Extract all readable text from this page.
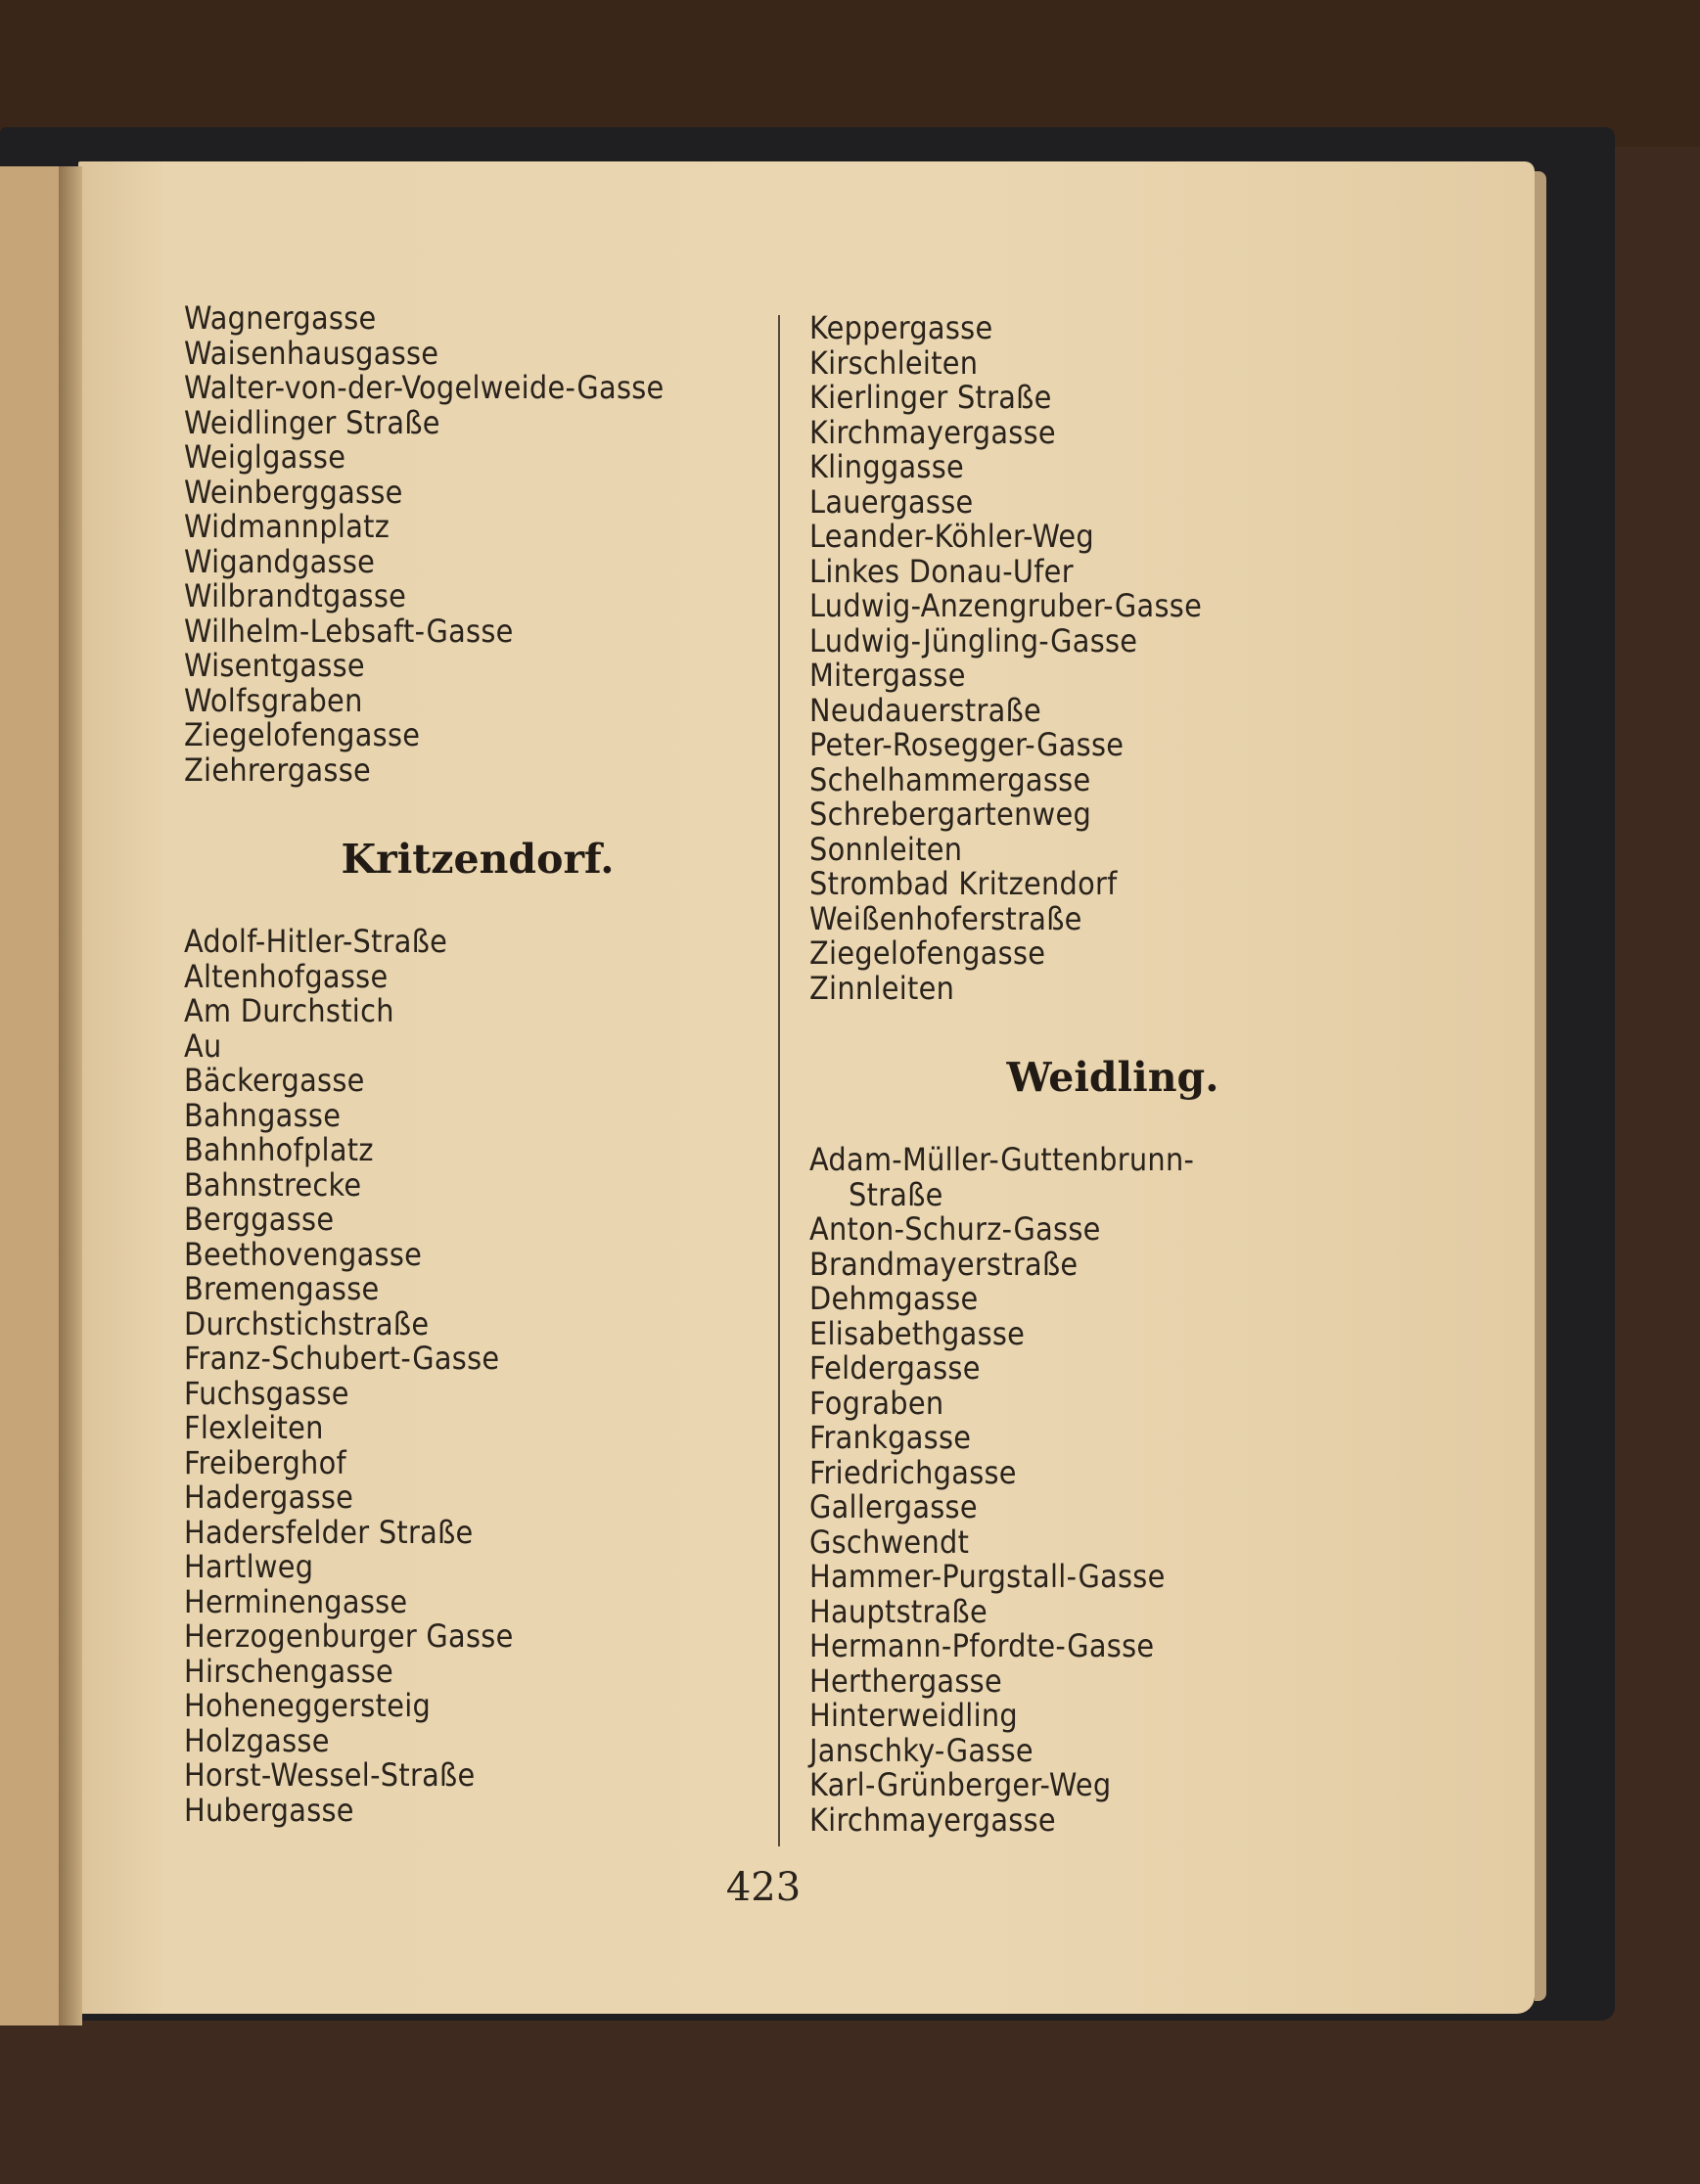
Wagnergasse
Waisenhausgasse
Walter-von-der-Vogelweide-Gasse
Weidlinger Straße
Weiglgasse
Weinberggasse
Widmannplatz
Wigandgasse
Wilbrandtgasse
Wilhelm-Lebsaft-Gasse
Wisentgasse
Wolfsgraben
Ziegelofengasse
Ziehrergasse
Kritzendorf.
Adolf-Hitler-Straße
Altenhofgasse
Am Durchstich
Au
Bäckergasse
Bahngasse
Bahnhofplatz
Bahnstrecke
Berggasse
Beethovengasse
Bremengasse
Durchstichstraße
Franz-Schubert-Gasse
Fuchsgasse
Flexleiten
Freiberghof
Hadergasse
Hadersfelder Straße
Hartlweg
Herminengasse
Herzogenburger Gasse
Hirschengasse
Hoheneggersteig
Holzgasse
Horst-Wessel-Straße
Hubergasse
Keppergasse
Kirschleiten
Kierlinger Straße
Kirchmayergasse
Klinggasse
Lauergasse
Leander-Köhler-Weg
Linkes Donau-Ufer
Ludwig-Anzengruber-Gasse
Ludwig-Jüngling-Gasse
Mitergasse
Neudauerstraße
Peter-Rosegger-Gasse
Schelhammergasse
Schrebergartenweg
Sonnleiten
Strombad Kritzendorf
Weißenhoferstraße
Ziegelofengasse
Zinnleiten
Weidling.
Adam-Müller-Guttenbrunn-
Straße
Anton-Schurz-Gasse
Brandmayerstraße
Dehmgasse
Elisabethgasse
Feldergasse
Fograben
Frankgasse
Friedrichgasse
Gallergasse
Gschwendt
Hammer-Purgstall-Gasse
Hauptstraße
Hermann-Pfordte-Gasse
Herthergasse
Hinterweidling
Janschky-Gasse
Karl-Grünberger-Weg
Kirchmayergasse
423
